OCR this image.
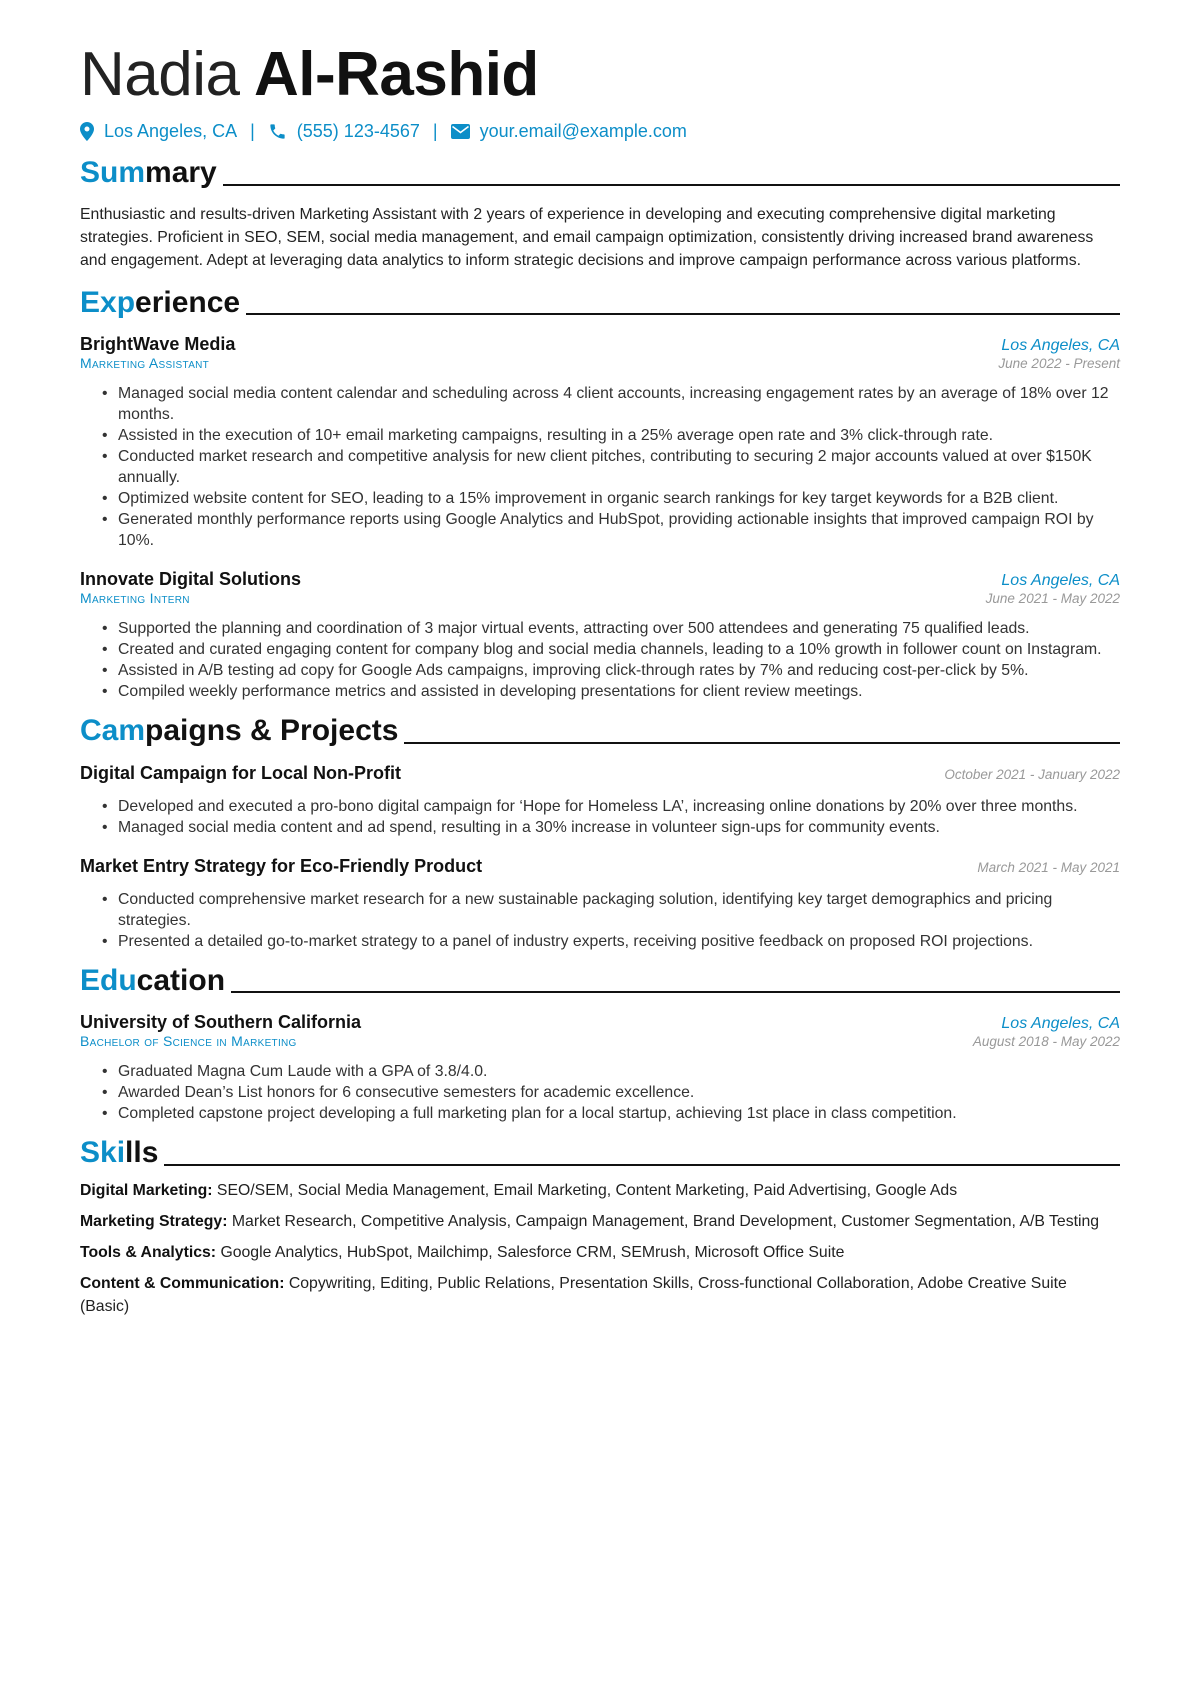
Nadia Al-Rashid
Los Angeles, CA | (555) 123-4567 | your.email@example.com
Summary
Enthusiastic and results-driven Marketing Assistant with 2 years of experience in developing and executing comprehensive digital marketing strategies. Proficient in SEO, SEM, social media management, and email campaign optimization, consistently driving increased brand awareness and engagement. Adept at leveraging data analytics to inform strategic decisions and improve campaign performance across various platforms.
Experience
BrightWave Media	Los Angeles, CA
Marketing Assistant	June 2022 - Present
• Managed social media content calendar and scheduling across 4 client accounts, increasing engagement rates by an average of 18% over 12 months.
• Assisted in the execution of 10+ email marketing campaigns, resulting in a 25% average open rate and 3% click-through rate.
• Conducted market research and competitive analysis for new client pitches, contributing to securing 2 major accounts valued at over $150K annually.
• Optimized website content for SEO, leading to a 15% improvement in organic search rankings for key target keywords for a B2B client.
• Generated monthly performance reports using Google Analytics and HubSpot, providing actionable insights that improved campaign ROI by 10%.
Innovate Digital Solutions	Los Angeles, CA
Marketing Intern	June 2021 - May 2022
• Supported the planning and coordination of 3 major virtual events, attracting over 500 attendees and generating 75 qualified leads.
• Created and curated engaging content for company blog and social media channels, leading to a 10% growth in follower count on Instagram.
• Assisted in A/B testing ad copy for Google Ads campaigns, improving click-through rates by 7% and reducing cost-per-click by 5%.
• Compiled weekly performance metrics and assisted in developing presentations for client review meetings.
Campaigns & Projects
Digital Campaign for Local Non-Profit	October 2021 - January 2022
• Developed and executed a pro-bono digital campaign for ‘Hope for Homeless LA’, increasing online donations by 20% over three months.
• Managed social media content and ad spend, resulting in a 30% increase in volunteer sign-ups for community events.
Market Entry Strategy for Eco-Friendly Product	March 2021 - May 2021
• Conducted comprehensive market research for a new sustainable packaging solution, identifying key target demographics and pricing strategies.
• Presented a detailed go-to-market strategy to a panel of industry experts, receiving positive feedback on proposed ROI projections.
Education
University of Southern California	Los Angeles, CA
Bachelor of Science in Marketing	August 2018 - May 2022
• Graduated Magna Cum Laude with a GPA of 3.8/4.0.
• Awarded Dean’s List honors for 6 consecutive semesters for academic excellence.
• Completed capstone project developing a full marketing plan for a local startup, achieving 1st place in class competition.
Skills
Digital Marketing: SEO/SEM, Social Media Management, Email Marketing, Content Marketing, Paid Advertising, Google Ads
Marketing Strategy: Market Research, Competitive Analysis, Campaign Management, Brand Development, Customer Segmentation, A/B Testing
Tools & Analytics: Google Analytics, HubSpot, Mailchimp, Salesforce CRM, SEMrush, Microsoft Office Suite
Content & Communication: Copywriting, Editing, Public Relations, Presentation Skills, Cross-functional Collaboration, Adobe Creative Suite (Basic)
